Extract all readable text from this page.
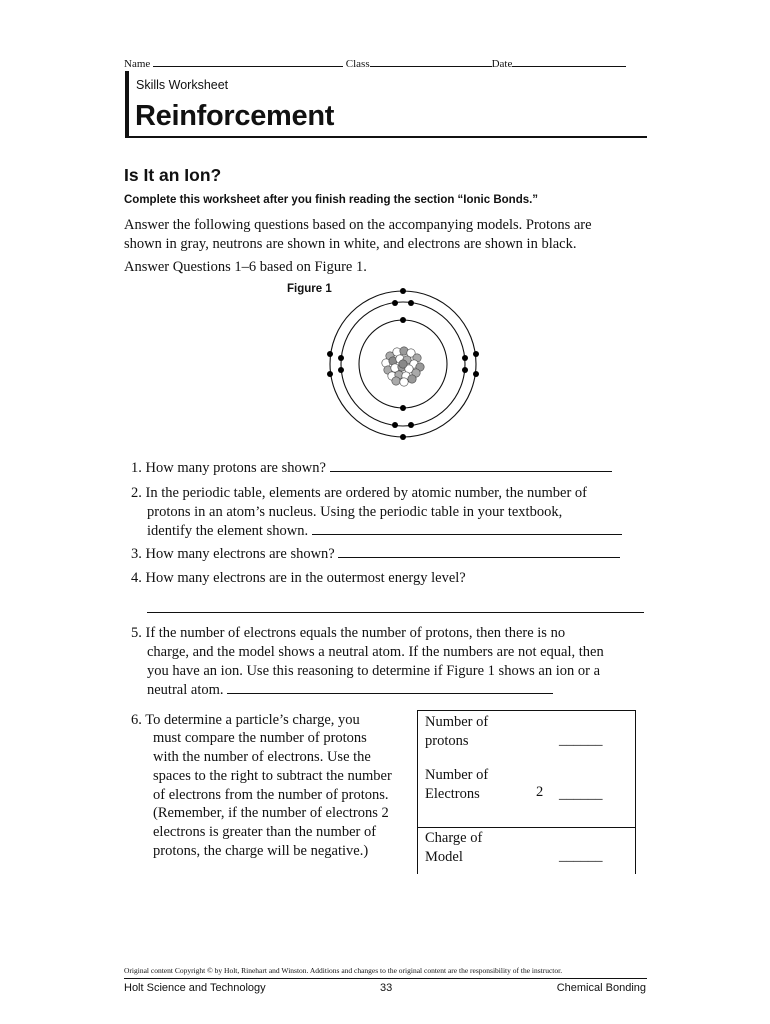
Name	Class	Date
Skills Worksheet
Reinforcement
Is It an Ion?
Complete this worksheet after you finish reading the section “Ionic Bonds.”
Answer the following questions based on the accompanying models. Protons are
shown in gray, neutrons are shown in white, and electrons are shown in black.
Answer Questions 1–6 based on Figure 1.
Figure 1
1. How many protons are shown?
2. In the periodic table, elements are ordered by atomic number, the number of
protons in an atom’s nucleus. Using the periodic table in your textbook,
identify the element shown.
3. How many electrons are shown?
4. How many electrons are in the outermost energy level?
5. If the number of electrons equals the number of protons, then there is no
charge, and the model shows a neutral atom. If the numbers are not equal, then
you have an ion. Use this reasoning to determine if Figure 1 shows an ion or a
neutral atom.
6. To determine a particle’s charge, you
must compare the number of protons
with the number of electrons. Use the
spaces to the right to subtract the number
of electrons from the number of protons.
(Remember, if the number of electrons 2
electrons is greater than the number of
protons, the charge will be negative.)
Number of
protons	______
Number of
Electrons	2 ______
Charge of
Model	______
Original content Copyright © by Holt, Rinehart and Winston. Additions and changes to the original content are the responsibility of the instructor.
Holt Science and Technology	33	Chemical Bonding
